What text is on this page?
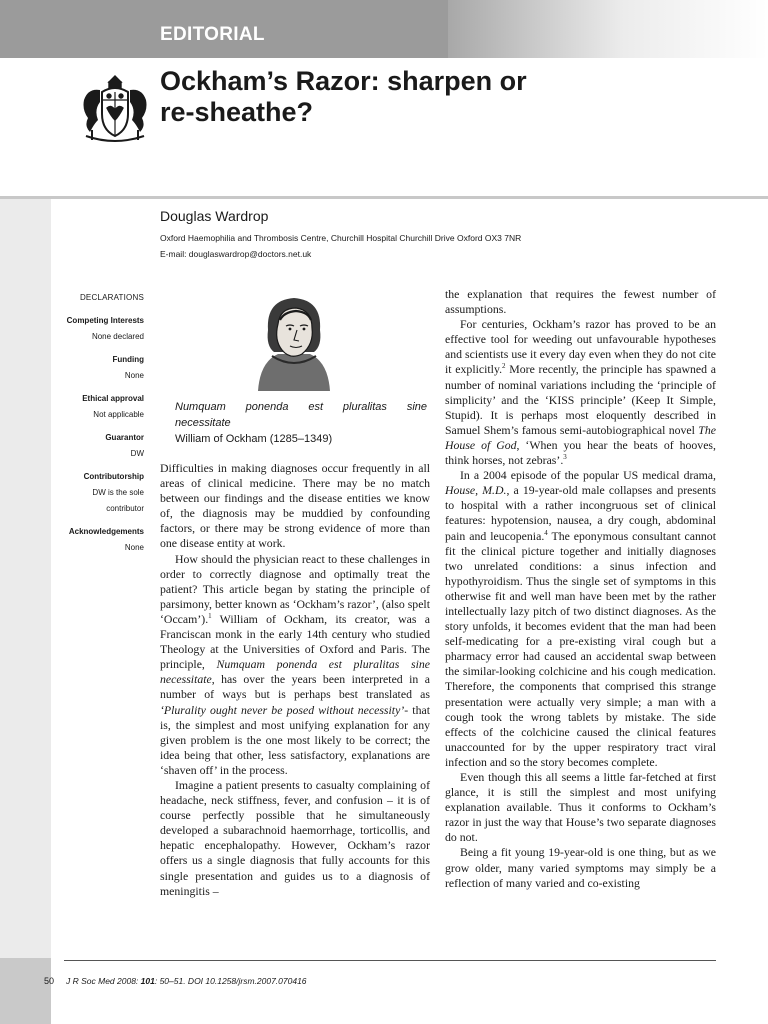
EDITORIAL
Ockham’s Razor: sharpen or
re-sheathe?
Douglas Wardrop
Oxford Haemophilia and Thrombosis Centre, Churchill Hospital Churchill Drive Oxford OX3 7NR
E-mail: douglaswardrop@doctors.net.uk
DECLARATIONS
Competing Interests
None declared
Funding
None
Ethical approval
Not applicable
Guarantor
DW
Contributorship
DW is the sole
contributor
Acknowledgements
None
Numquam ponenda est pluralitas sine
necessitate
William of Ockham (1285–1349)

Difficulties in making diagnoses occur frequently in all areas of clinical medicine. There may be no match between our findings and the disease entities we know of, the diagnosis may be muddied by confounding factors, or there may be strong evidence of more than one disease entity at work.

How should the physician react to these challenges in order to correctly diagnose and optimally treat the patient? This article began by stating the principle of parsimony, better known as ‘Ockham’s razor’, (also spelt ‘Occam’).$^1$ William of Ockham, its creator, was a Franciscan monk in the early 14th century who studied Theology at the Universities of Oxford and Paris. The principle, Numquam ponenda est pluralitas sine necessitate, has over the years been interpreted in a number of ways but is perhaps best translated as ‘Plurality ought never be posed without necessity’- that is, the simplest and most unifying explanation for any given problem is the one most likely to be correct; the idea being that other, less satisfactory, explanations are ‘shaven off’ in the process.

Imagine a patient presents to casualty complaining of headache, neck stiffness, fever, and confusion – it is of course perfectly possible that he simultaneously developed a subarachnoid haemorrhage, torticollis, and hepatic encephalopathy. However, Ockham’s razor offers us a single diagnosis that fully accounts for this single presentation and guides us to a diagnosis of meningitis –

the explanation that requires the fewest number of assumptions.

For centuries, Ockham’s razor has proved to be an effective tool for weeding out unfavourable hypotheses and scientists use it every day even when they do not cite it explicitly.$^2$ More recently, the principle has spawned a number of nominal variations including the ‘principle of simplicity’ and the ‘KISS principle’ (Keep It Simple, Stupid). It is perhaps most eloquently described in Samuel Shem’s famous semi-autobiographical novel The House of God, ‘When you hear the beats of hooves, think horses, not zebras’.$^3$

In a 2004 episode of the popular US medical drama, House, M.D., a 19-year-old male collapses and presents to hospital with a rather incongruous set of clinical features: hypotension, nausea, a dry cough, abdominal pain and leucopenia.$^4$ The eponymous consultant cannot fit the clinical picture together and initially diagnoses two unrelated conditions: a sinus infection and hypothyroidism. Thus the single set of symptoms in this otherwise fit and well man have been met by the rather intellectually lazy pitch of two distinct diagnoses. As the story unfolds, it becomes evident that the man had been self-medicating for a pre-existing viral cough but a pharmacy error had caused an accidental swap between the similar-looking colchicine and his cough medication. Therefore, the components that comprised this strange presentation were actually very simple; a man with a cough took the wrong tablets by mistake. The side effects of the colchicine caused the clinical features unaccounted for by the upper respiratory tract viral infection and so the story becomes complete.

Even though this all seems a little far-fetched at first glance, it is still the simplest and most unifying explanation available. Thus it conforms to Ockham’s razor in just the way that House’s two separate diagnoses do not.

Being a fit young 19-year-old is one thing, but as we grow older, many varied symptoms may simply be a reflection of many varied and co-existing

50 J R Soc Med 2008: 101: 50–51. DOI 10.1258/jrsm.2007.070416
